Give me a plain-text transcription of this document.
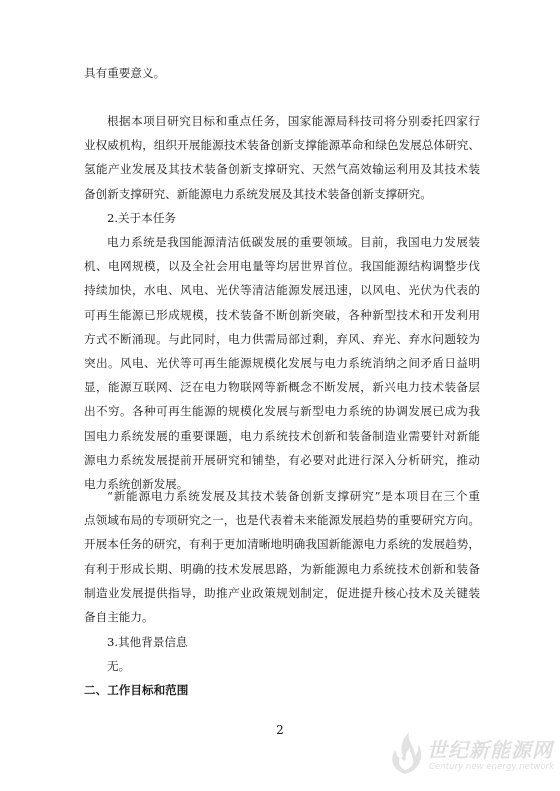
具有重要意义。

根据本项目研究目标和重点任务，国家能源局科技司将分别委托四家行
业权威机构，组织开展能源技术装备创新支撑能源革命和绿色发展总体研究、
氢能产业发展及其技术装备创新支撑研究、天然气高效输运利用及其技术装
备创新支撑研究、新能源电力系统发展及其技术装备创新支撑研究。

2.关于本任务

电力系统是我国能源清洁低碳发展的重要领域。目前，我国电力发展装
机、电网规模，以及全社会用电量等均居世界首位。我国能源结构调整步伐
持续加快，水电、风电、光伏等清洁能源发展迅速，以风电、光伏为代表的
可再生能源已形成规模，技术装备不断创新突破，各种新型技术和开发利用
方式不断涌现。与此同时，电力供需局部过剩，弃风、弃光、弃水问题较为
突出。风电、光伏等可再生能源规模化发展与电力系统消纳之间矛盾日益明
显，能源互联网、泛在电力物联网等新概念不断发展，新兴电力技术装备层
出不穷。各种可再生能源的规模化发展与新型电力系统的协调发展已成为我
国电力系统发展的重要课题，电力系统技术创新和装备制造业需要针对新能
源电力系统发展提前开展研究和铺垫，有必要对此进行深入分析研究，推动
电力系统创新发展。

“新能源电力系统发展及其技术装备创新支撑研究”是本项目在三个重
点领域布局的专项研究之一，也是代表着未来能源发展趋势的重要研究方向。
开展本任务的研究，有利于更加清晰地明确我国新能源电力系统的发展趋势，
有利于形成长期、明确的技术发展思路，为新能源电力系统技术创新和装备
制造业发展提供指导，助推产业政策规划制定，促进提升核心技术及关键装
备自主能力。

3.其他背景信息

无。

二、工作目标和范围

2
世纪新能源网
Century new energy network
